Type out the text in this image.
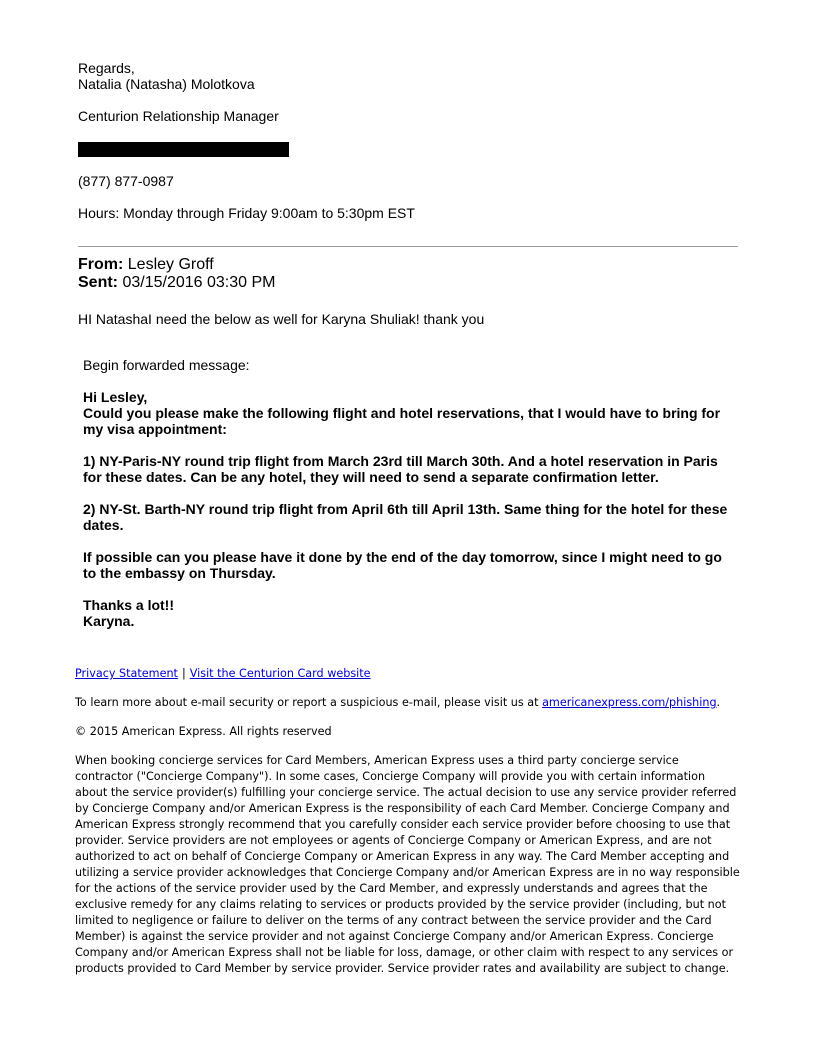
Regards,
Natalia (Natasha) Molotkova
Centurion Relationship Manager
(877) 877-0987
Hours: Monday through Friday 9:00am to 5:30pm EST
From: Lesley Groff
Sent: 03/15/2016 03:30 PM
HI NatashaI need the below as well for Karyna Shuliak! thank you
Begin forwarded message:

Hi Lesley,
Could you please make the following flight and hotel reservations, that I would have to bring for my visa appointment:

1) NY-Paris-NY round trip flight from March 23rd till March 30th. And a hotel reservation in Paris for these dates. Can be any hotel, they will need to send a separate confirmation letter.

2) NY-St. Barth-NY round trip flight from April 6th till April 13th. Same thing for the hotel for these dates.

If possible can you please have it done by the end of the day tomorrow, since I might need to go to the embassy on Thursday.

Thanks a lot!!
Karyna.

Privacy Statement | Visit the Centurion Card website

To learn more about e-mail security or report a suspicious e-mail, please visit us at americanexpress.com/phishing.

© 2015 American Express. All rights reserved

When booking concierge services for Card Members, American Express uses a third party concierge service contractor ("Concierge Company"). In some cases, Concierge Company will provide you with certain information about the service provider(s) fulfilling your concierge service. The actual decision to use any service provider referred by Concierge Company and/or American Express is the responsibility of each Card Member. Concierge Company and American Express strongly recommend that you carefully consider each service provider before choosing to use that provider. Service providers are not employees or agents of Concierge Company or American Express, and are not authorized to act on behalf of Concierge Company or American Express in any way. The Card Member accepting and utilizing a service provider acknowledges that Concierge Company and/or American Express are in no way responsible for the actions of the service provider used by the Card Member, and expressly understands and agrees that the exclusive remedy for any claims relating to services or products provided by the service provider (including, but not limited to negligence or failure to deliver on the terms of any contract between the service provider and the Card Member) is against the service provider and not against Concierge Company and/or American Express. Concierge Company and/or American Express shall not be liable for loss, damage, or other claim with respect to any services or products provided to Card Member by service provider. Service provider rates and availability are subject to change.
